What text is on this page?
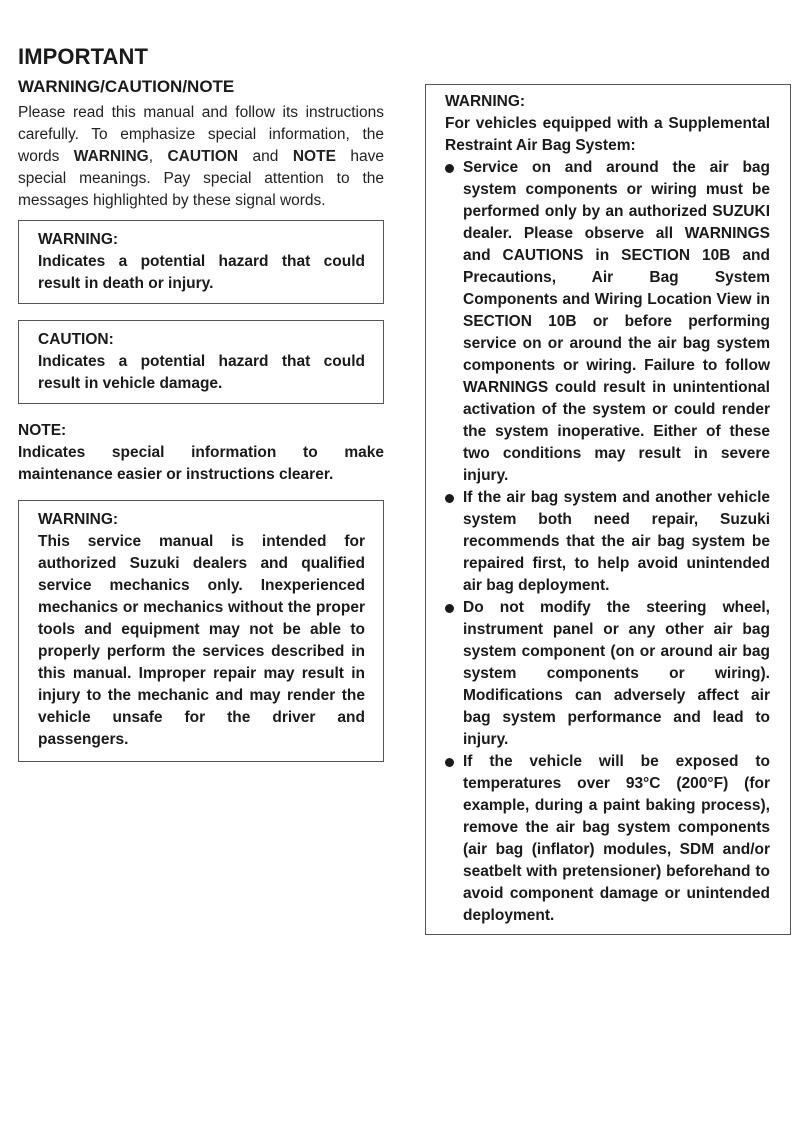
IMPORTANT
WARNING/CAUTION/NOTE

Please read this manual and follow its instructions carefully. To emphasize special information, the words WARNING, CAUTION and NOTE have special meanings. Pay special attention to the messages highlighted by these signal words.

WARNING:
Indicates a potential hazard that could result in death or injury.
CAUTION:
Indicates a potential hazard that could result in vehicle damage.
NOTE:
Indicates special information to make maintenance easier or instructions clearer.
WARNING:
This service manual is intended for authorized Suzuki dealers and qualified service mechanics only. Inexperienced mechanics or mechanics without the proper tools and equipment may not be able to properly perform the services described in this manual. Improper repair may result in injury to the mechanic and may render the vehicle unsafe for the driver and passengers.
WARNING:
For vehicles equipped with a Supplemental Restraint Air Bag System:
Service on and around the air bag system components or wiring must be performed only by an authorized SUZUKI dealer. Please observe all WARNINGS and CAUTIONS in SECTION 10B and Precautions, Air Bag System Components and Wiring Location View in SECTION 10B or before performing service on or around the air bag system components or wiring. Failure to follow WARNINGS could result in unintentional activation of the system or could render the system inoperative. Either of these two conditions may result in severe injury.
If the air bag system and another vehicle system both need repair, Suzuki recommends that the air bag system be repaired first, to help avoid unintended air bag deployment.
Do not modify the steering wheel, instrument panel or any other air bag system component (on or around air bag system components or wiring). Modifications can adversely affect air bag system performance and lead to injury.
If the vehicle will be exposed to temperatures over 93°C (200°F) (for example, during a paint baking process), remove the air bag system components (air bag (inflator) modules, SDM and/or seatbelt with pretensioner) beforehand to avoid component damage or unintended deployment.
